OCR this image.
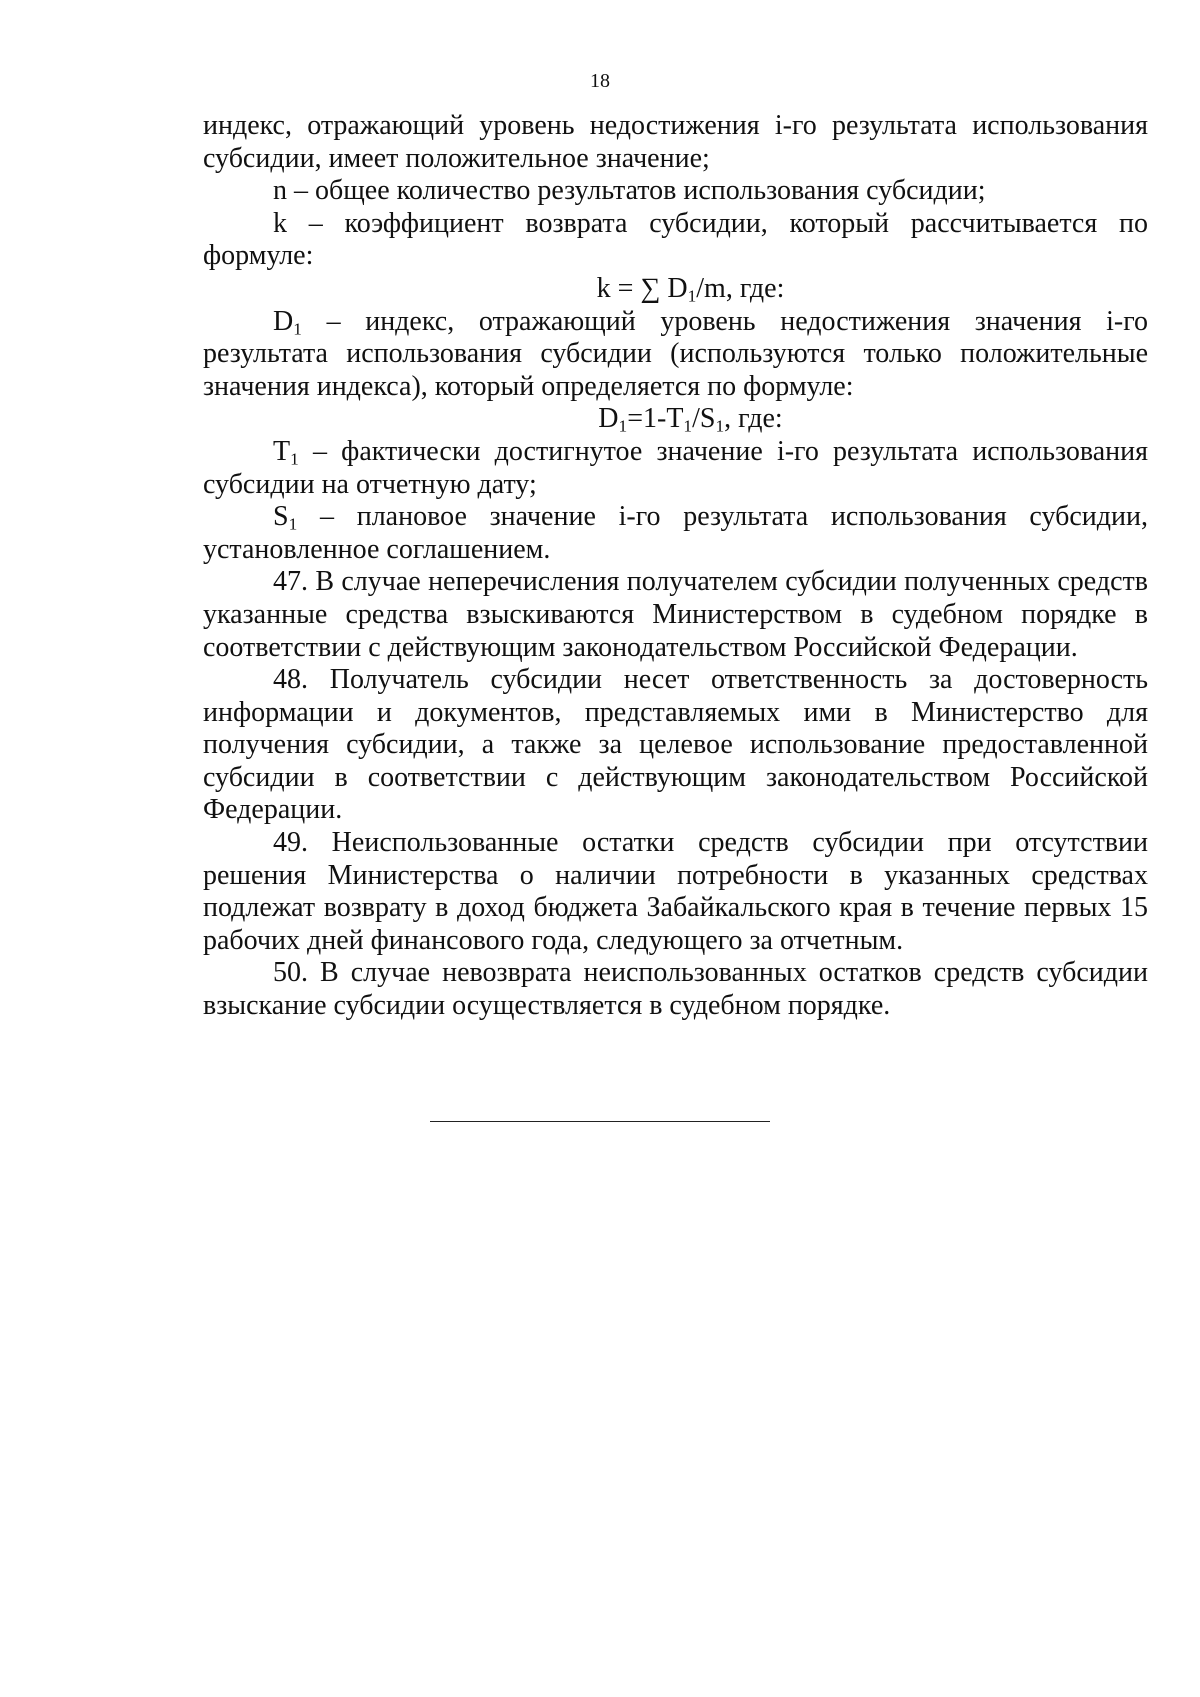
18

индекс, отражающий уровень недостижения i-го результата использования субсидии, имеет положительное значение;

n – общее количество результатов использования субсидии;

k – коэффициент возврата субсидии, который рассчитывается по формуле:

k = ∑ $D_1/m$, где:

$D_1$ – индекс, отражающий уровень недостижения значения i-го результата использования субсидии (используются только положительные значения индекса), который определяется по формуле:

$D_1=1-T_1/S_1$, где:

$T_1$ – фактически достигнутое значение i-го результата использования субсидии на отчетную дату;

$S_1$ – плановое значение i-го результата использования субсидии, установленное соглашением.

47. В случае неперечисления получателем субсидии полученных средств указанные средства взыскиваются Министерством в судебном порядке в соответствии с действующим законодательством Российской Федерации.

48. Получатель субсидии несет ответственность за достоверность информации и документов, представляемых ими в Министерство для получения субсидии, а также за целевое использование предоставленной субсидии в соответствии с действующим законодательством Российской Федерации.

49. Неиспользованные остатки средств субсидии при отсутствии решения Министерства о наличии потребности в указанных средствах подлежат возврату в доход бюджета Забайкальского края в течение первых 15 рабочих дней финансового года, следующего за отчетным.

50. В случае невозврата неиспользованных остатков средств субсидии взыскание субсидии осуществляется в судебном порядке.
